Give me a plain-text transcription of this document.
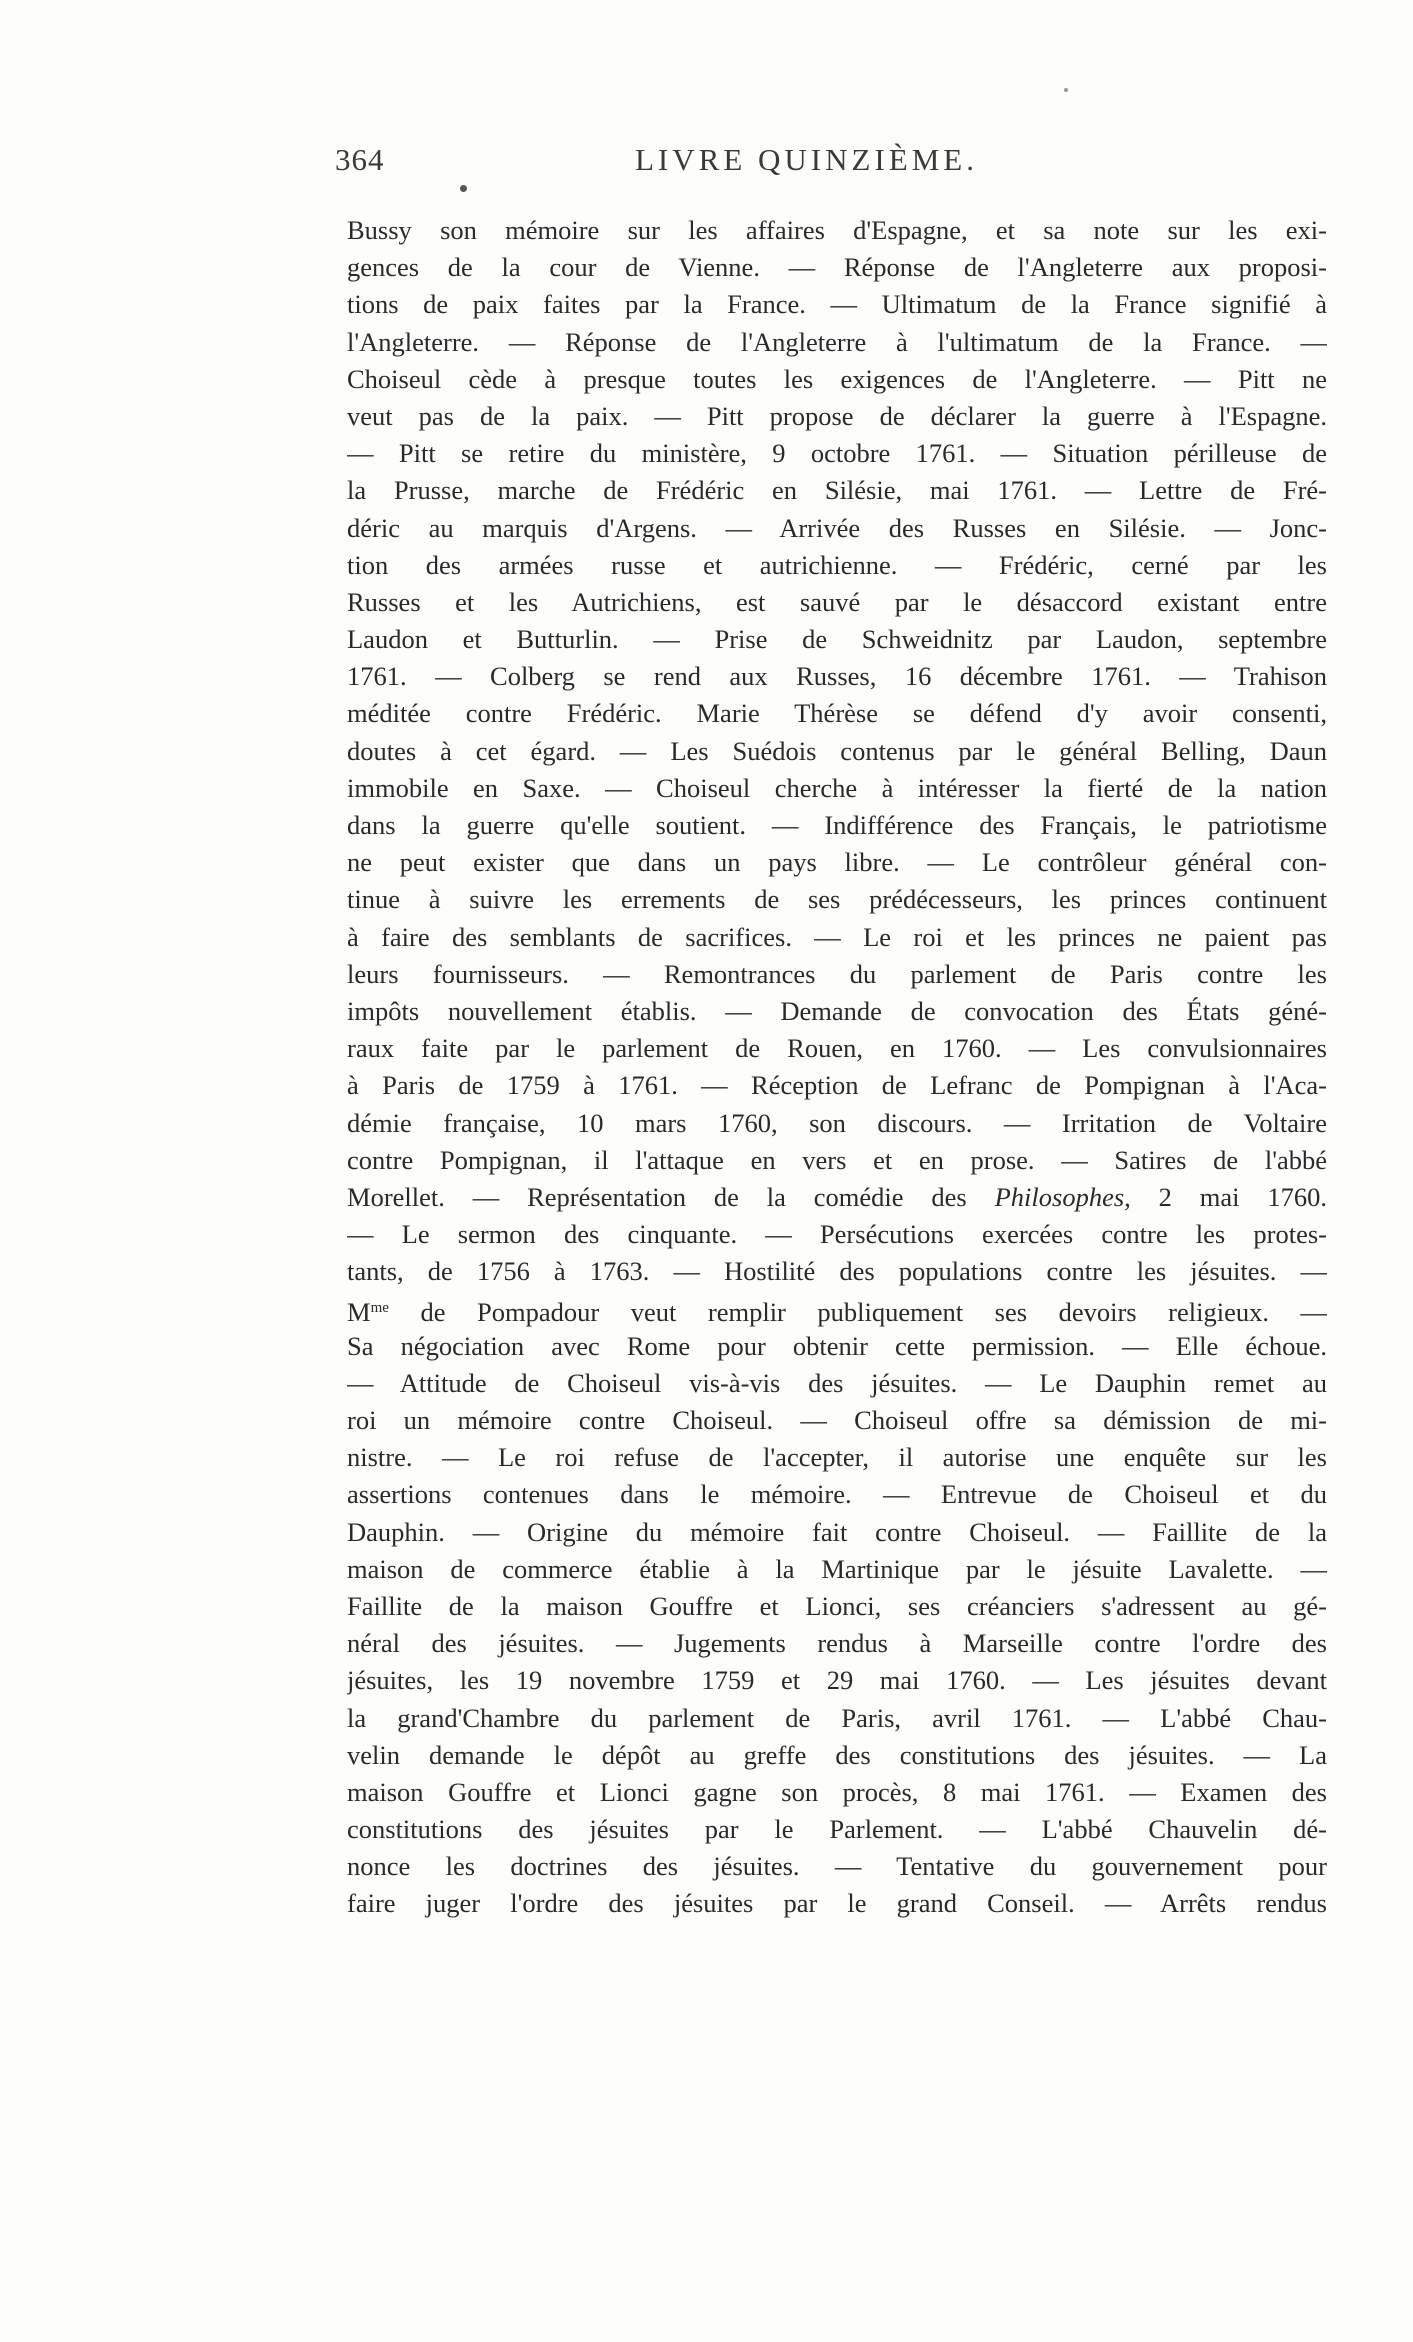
364	LIVRE QUINZIÈME.
Bussy son mémoire sur les affaires d'Espagne, et sa note sur les exi-
gences de la cour de Vienne. — Réponse de l'Angleterre aux proposi-
tions de paix faites par la France. — Ultimatum de la France signifié à
l'Angleterre. — Réponse de l'Angleterre à l'ultimatum de la France. —
Choiseul cède à presque toutes les exigences de l'Angleterre. — Pitt ne
veut pas de la paix. — Pitt propose de déclarer la guerre à l'Espagne.
— Pitt se retire du ministère, 9 octobre 1761. — Situation périlleuse de
la Prusse, marche de Frédéric en Silésie, mai 1761. — Lettre de Fré-
déric au marquis d'Argens. — Arrivée des Russes en Silésie. — Jonc-
tion des armées russe et autrichienne. — Frédéric, cerné par les
Russes et les Autrichiens, est sauvé par le désaccord existant entre
Laudon et Butturlin. — Prise de Schweidnitz par Laudon, septembre
1761. — Colberg se rend aux Russes, 16 décembre 1761. — Trahison
méditée contre Frédéric. Marie Thérèse se défend d'y avoir consenti,
doutes à cet égard. — Les Suédois contenus par le général Belling, Daun
immobile en Saxe. — Choiseul cherche à intéresser la fierté de la nation
dans la guerre qu'elle soutient. — Indifférence des Français, le patriotisme
ne peut exister que dans un pays libre. — Le contrôleur général con-
tinue à suivre les errements de ses prédécesseurs, les princes continuent
à faire des semblants de sacrifices. — Le roi et les princes ne paient pas
leurs fournisseurs. — Remontrances du parlement de Paris contre les
impôts nouvellement établis. — Demande de convocation des États géné-
raux faite par le parlement de Rouen, en 1760. — Les convulsionnaires
à Paris de 1759 à 1761. — Réception de Lefranc de Pompignan à l'Aca-
démie française, 10 mars 1760, son discours. — Irritation de Voltaire
contre Pompignan, il l'attaque en vers et en prose. — Satires de l'abbé
Morellet. — Représentation de la comédie des Philosophes, 2 mai 1760.
— Le sermon des cinquante. — Persécutions exercées contre les protes-
tants, de 1756 à 1763. — Hostilité des populations contre les jésuites. —
$M^{me}$ de Pompadour veut remplir publiquement ses devoirs religieux. —
Sa négociation avec Rome pour obtenir cette permission. — Elle échoue.
— Attitude de Choiseul vis-à-vis des jésuites. — Le Dauphin remet au
roi un mémoire contre Choiseul. — Choiseul offre sa démission de mi-
nistre. — Le roi refuse de l'accepter, il autorise une enquête sur les
assertions contenues dans le mémoire. — Entrevue de Choiseul et du
Dauphin. — Origine du mémoire fait contre Choiseul. — Faillite de la
maison de commerce établie à la Martinique par le jésuite Lavalette. —
Faillite de la maison Gouffre et Lionci, ses créanciers s'adressent au gé-
néral des jésuites. — Jugements rendus à Marseille contre l'ordre des
jésuites, les 19 novembre 1759 et 29 mai 1760. — Les jésuites devant
la grand'Chambre du parlement de Paris, avril 1761. — L'abbé Chau-
velin demande le dépôt au greffe des constitutions des jésuites. — La
maison Gouffre et Lionci gagne son procès, 8 mai 1761. — Examen des
constitutions des jésuites par le Parlement. — L'abbé Chauvelin dé-
nonce les doctrines des jésuites. — Tentative du gouvernement pour
faire juger l'ordre des jésuites par le grand Conseil. — Arrêts rendus
